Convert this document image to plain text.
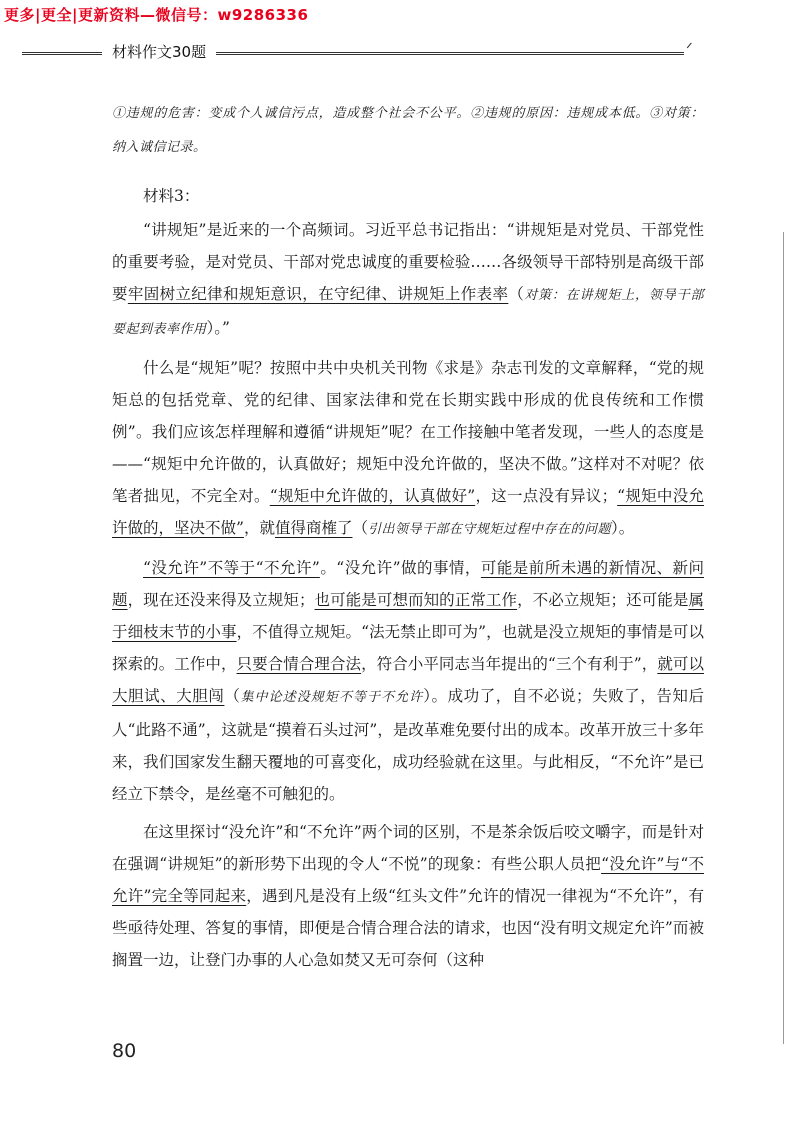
更多|更全|更新资料—微信号：w9286336
材料作文30题	ᐟ

①违规的危害：变成个人诚信污点，造成整个社会不公平。②违规的原因：违规成本低。③对策：纳入诚信记录。

材料3：

“讲规矩”是近来的一个高频词。习近平总书记指出：“讲规矩是对党员、干部党性的重要考验，是对党员、干部对党忠诚度的重要检验……各级领导干部特别是高级干部要牢固树立纪律和规矩意识，在守纪律、讲规矩上作表率（对策：在讲规矩上，领导干部要起到表率作用）。”

什么是“规矩”呢？按照中共中央机关刊物《求是》杂志刊发的文章解释，“党的规矩总的包括党章、党的纪律、国家法律和党在长期实践中形成的优良传统和工作惯例”。我们应该怎样理解和遵循“讲规矩”呢？在工作接触中笔者发现，一些人的态度是——“规矩中允许做的，认真做好；规矩中没允许做的，坚决不做。”这样对不对呢？依笔者拙见，不完全对。“规矩中允许做的，认真做好”，这一点没有异议；“规矩中没允许做的，坚决不做”，就值得商榷了（引出领导干部在守规矩过程中存在的问题）。

“没允许”不等于“不允许”。“没允许”做的事情，可能是前所未遇的新情况、新问题，现在还没来得及立规矩；也可能是可想而知的正常工作，不必立规矩；还可能是属于细枝末节的小事，不值得立规矩。“法无禁止即可为”，也就是没立规矩的事情是可以探索的。工作中，只要合情合理合法，符合小平同志当年提出的“三个有利于”，就可以大胆试、大胆闯（集中论述没规矩不等于不允许）。成功了，自不必说；失败了，告知后人“此路不通”，这就是“摸着石头过河”，是改革难免要付出的成本。改革开放三十多年来，我们国家发生翻天覆地的可喜变化，成功经验就在这里。与此相反，“不允许”是已经立下禁令，是丝毫不可触犯的。

在这里探讨“没允许”和“不允许”两个词的区别，不是茶余饭后咬文嚼字，而是针对在强调“讲规矩”的新形势下出现的令人“不悦”的现象：有些公职人员把“没允许”与“不允许”完全等同起来，遇到凡是没有上级“红头文件”允许的情况一律视为“不允许”，有些亟待处理、答复的事情，即便是合情合理合法的请求，也因“没有明文规定允许”而被搁置一边，让登门办事的人心急如焚又无可奈何（这种

80
